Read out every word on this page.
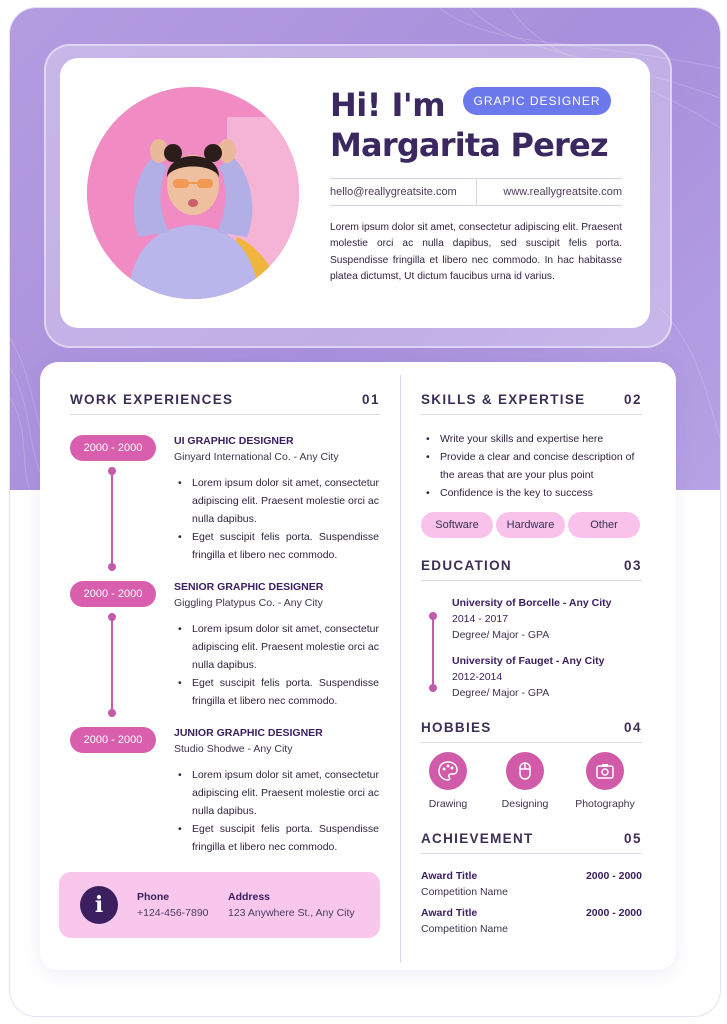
Hi! I'm	GRAPIC DESIGNER
Margarita Perez
hello@reallygreatsite.com	www.reallygreatsite.com
Lorem ipsum dolor sit amet, consectetur adipiscing elit. Praesent molestie orci ac nulla dapibus, sed suscipit felis porta. Suspendisse fringilla et libero nec commodo. In hac habitasse platea dictumst, Ut dictum faucibus urna id varius.
WORK EXPERIENCES	01
2000 - 2000
UI GRAPHIC DESIGNER
Ginyard International Co. - Any City
• Lorem ipsum dolor sit amet, consectetur adipiscing elit. Praesent molestie orci ac nulla dapibus.
• Eget suscipit felis porta. Suspendisse fringilla et libero nec commodo.
2000 - 2000
SENIOR GRAPHIC DESIGNER
Giggling Platypus Co. - Any City
• Lorem ipsum dolor sit amet, consectetur adipiscing elit. Praesent molestie orci ac nulla dapibus.
• Eget suscipit felis porta. Suspendisse fringilla et libero nec commodo.
2000 - 2000
JUNIOR GRAPHIC DESIGNER
Studio Shodwe - Any City
• Lorem ipsum dolor sit amet, consectetur adipiscing elit. Praesent molestie orci ac nulla dapibus.
• Eget suscipit felis porta. Suspendisse fringilla et libero nec commodo.
i	Phone
+124-456-7890
Address
123 Anywhere St., Any City
SKILLS & EXPERTISE	02
• Write your skills and expertise here
• Provide a clear and concise description of the areas that are your plus point
• Confidence is the key to success
Software	Hardware	Other
EDUCATION	03
University of Borcelle - Any City
2014 - 2017
Degree/ Major - GPA
University of Fauget - Any City
2012-2014
Degree/ Major - GPA
HOBBIES	04
Drawing	Designing	Photography
ACHIEVEMENT	05
Award Title	2000 - 2000
Competition Name
Award Title	2000 - 2000
Competition Name
